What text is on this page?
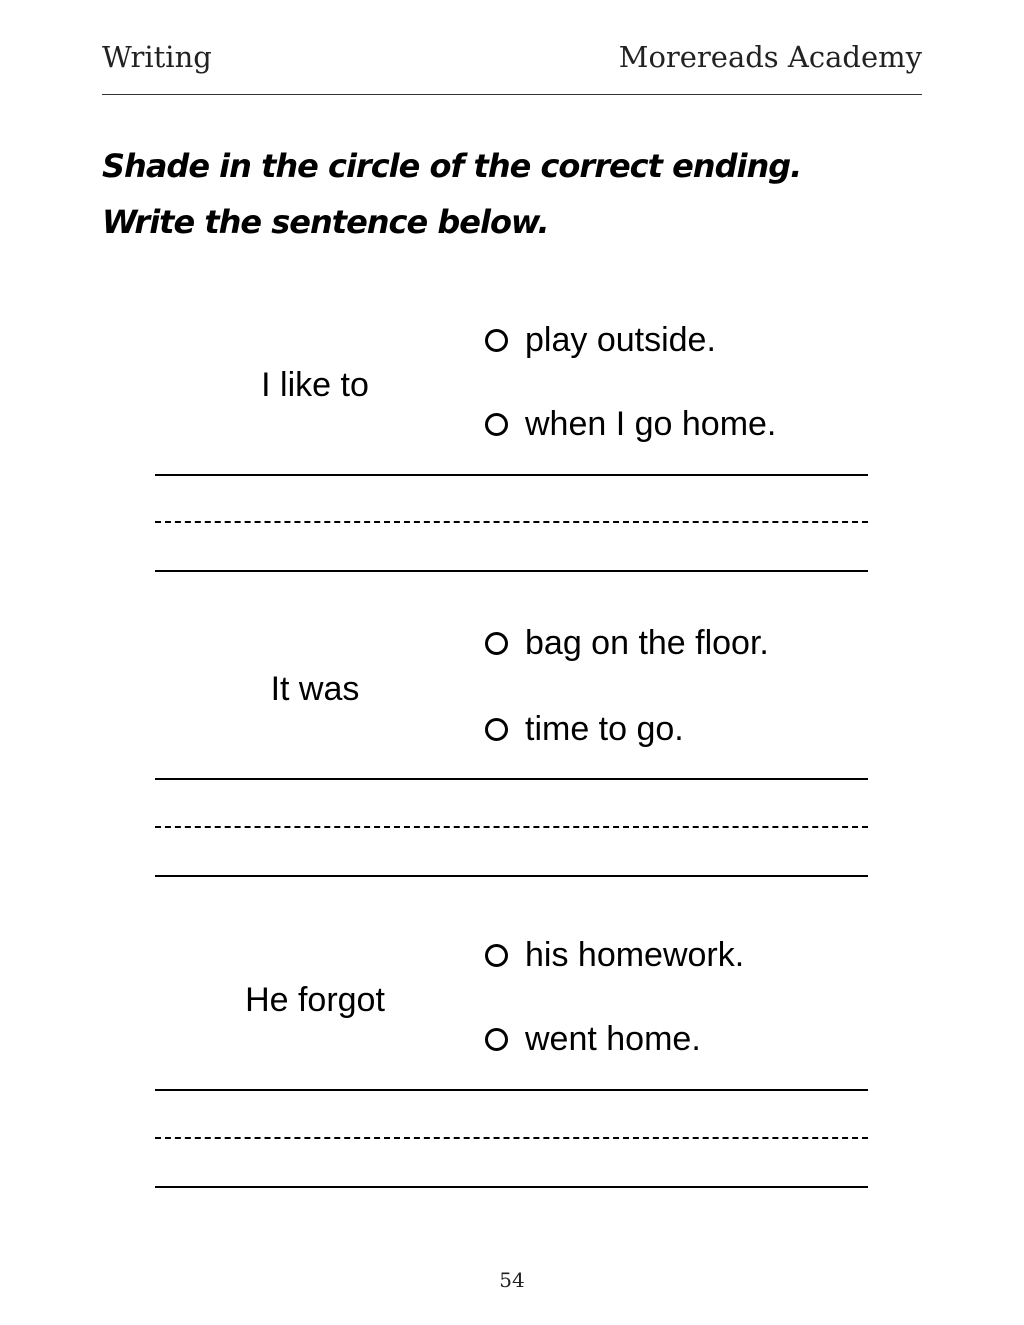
Writing	Morereads Academy
Shade in the circle of the correct ending.
Write the sentence below.
I like to
play outside.
when I go home.
It was
bag on the floor.
time to go.
He forgot
his homework.
went home.
54
